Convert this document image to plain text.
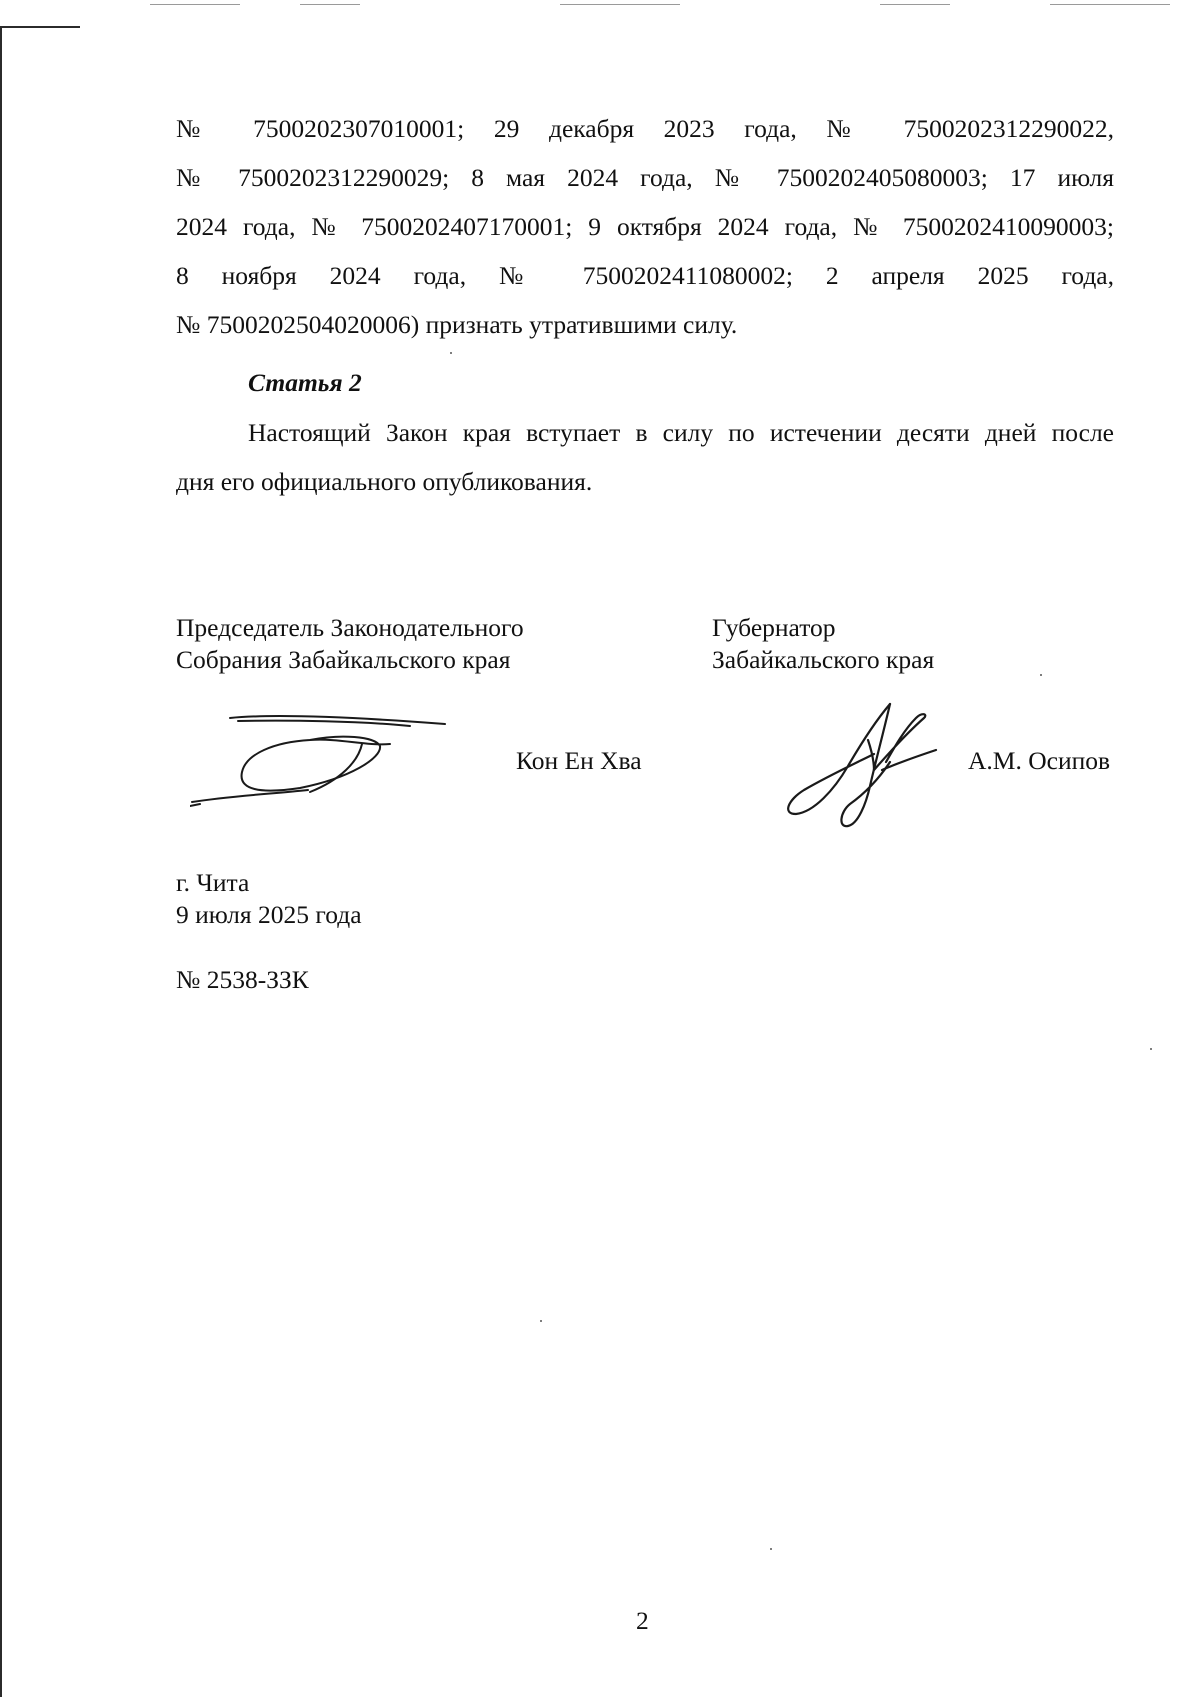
№ 7500202307010001; 29 декабря 2023 года, № 7500202312290022,
№ 7500202312290029; 8 мая 2024 года, № 7500202405080003; 17 июля
2024 года, № 7500202407170001; 9 октября 2024 года, № 7500202410090003;
8 ноября 2024 года, № 7500202411080002; 2 апреля 2025 года,
№ 7500202504020006) признать утратившими силу.
Статья 2
Настоящий Закон края вступает в силу по истечении десяти дней после
дня его официального опубликования.
Председатель Законодательного
Собрания Забайкальского края
Губернатор
Забайкальского края
Кон Ен Хва	А.М. Осипов
г. Чита
9 июля 2025 года
№ 2538-ЗЗК
2
